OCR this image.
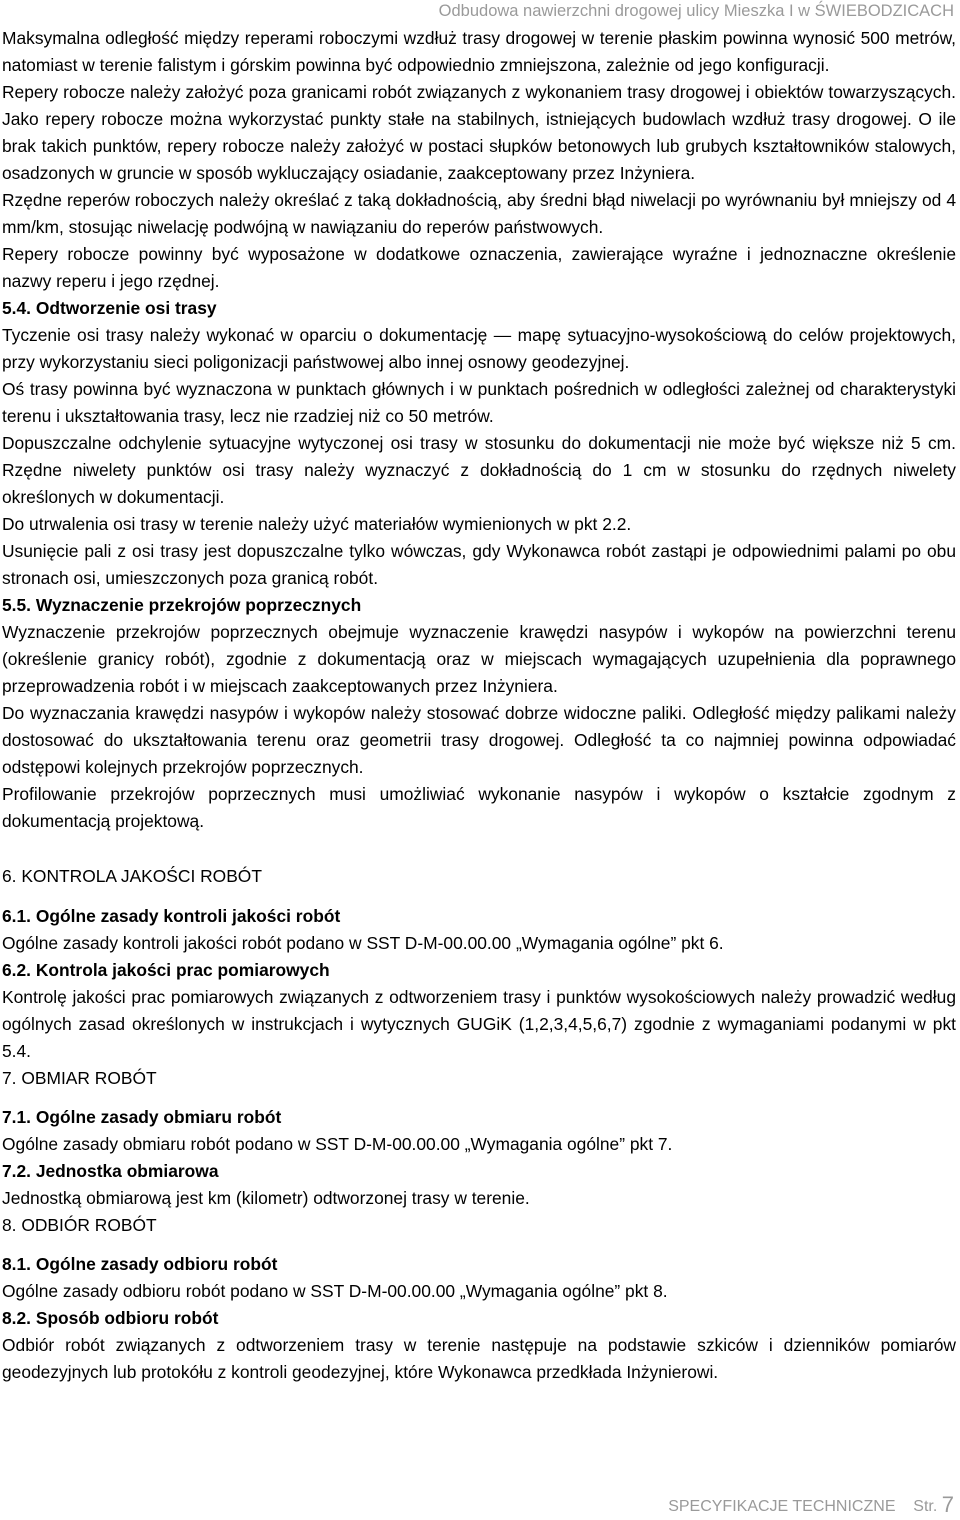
Odbudowa nawierzchni drogowej ulicy Mieszka I w ŚWIEBODZICACH

Maksymalna odległość między reperami roboczymi wzdłuż trasy drogowej w terenie płaskim powinna wynosić 500 metrów, natomiast w terenie falistym i górskim powinna być odpowiednio zmniejszona, zależnie od jego konfiguracji.

Repery robocze należy założyć poza granicami robót związanych z wykonaniem trasy drogowej i obiektów towarzyszących. Jako repery robocze można wykorzystać punkty stałe na stabilnych, istniejących budowlach wzdłuż trasy drogowej. O ile brak takich punktów, repery robocze należy założyć w postaci słupków betonowych lub grubych kształtowników stalowych, osadzonych w gruncie w sposób wykluczający osiadanie, zaakceptowany przez Inżyniera.

Rzędne reperów roboczych należy określać z taką dokładnością, aby średni błąd niwelacji po wyrównaniu był mniejszy od 4 mm/km, stosując niwelację podwójną w nawiązaniu do reperów państwowych.

Repery robocze powinny być wyposażone w dodatkowe oznaczenia, zawierające wyraźne i jednoznaczne określenie nazwy reperu i jego rzędnej.

5.4. Odtworzenie osi trasy

Tyczenie osi trasy należy wykonać w oparciu o dokumentację — mapę sytuacyjno-wysokościową do celów projektowych, przy wykorzystaniu sieci poligonizacji państwowej albo innej osnowy geodezyjnej.

Oś trasy powinna być wyznaczona w punktach głównych i w punktach pośrednich w odległości zależnej od charakterystyki terenu i ukształtowania trasy, lecz nie rzadziej niż co 50 metrów.

Dopuszczalne odchylenie sytuacyjne wytyczonej osi trasy w stosunku do dokumentacji nie może być większe niż 5 cm. Rzędne niwelety punktów osi trasy należy wyznaczyć z dokładnością do 1 cm w stosunku do rzędnych niwelety określonych w dokumentacji.

Do utrwalenia osi trasy w terenie należy użyć materiałów wymienionych w pkt 2.2.

Usunięcie pali z osi trasy jest dopuszczalne tylko wówczas, gdy Wykonawca robót zastąpi je odpowiednimi palami po obu stronach osi, umieszczonych poza granicą robót.

5.5. Wyznaczenie przekrojów poprzecznych

Wyznaczenie przekrojów poprzecznych obejmuje wyznaczenie krawędzi nasypów i wykopów na powierzchni terenu (określenie granicy robót), zgodnie z dokumentacją oraz w miejscach wymagających uzupełnienia dla poprawnego przeprowadzenia robót i w miejscach zaakceptowanych przez Inżyniera.

Do wyznaczania krawędzi nasypów i wykopów należy stosować dobrze widoczne paliki. Odległość między palikami należy dostosować do ukształtowania terenu oraz geometrii trasy drogowej. Odległość ta co najmniej powinna odpowiadać odstępowi kolejnych przekrojów poprzecznych.

Profilowanie przekrojów poprzecznych musi umożliwiać wykonanie nasypów i wykopów o kształcie zgodnym z dokumentacją projektową.

6. KONTROLA JAKOŚCI ROBÓT

6.1. Ogólne zasady kontroli jakości robót

Ogólne zasady kontroli jakości robót podano w SST D-M-00.00.00 „Wymagania ogólne” pkt 6.

6.2. Kontrola jakości prac pomiarowych

Kontrolę jakości prac pomiarowych związanych z odtworzeniem trasy i punktów wysokościowych należy prowadzić według ogólnych zasad określonych w instrukcjach i wytycznych GUGiK (1,2,3,4,5,6,7) zgodnie z wymaganiami podanymi w pkt 5.4.

7. OBMIAR ROBÓT

7.1. Ogólne zasady obmiaru robót

Ogólne zasady obmiaru robót podano w SST D-M-00.00.00 „Wymagania ogólne” pkt 7.

7.2. Jednostka obmiarowa

Jednostką obmiarową jest km (kilometr) odtworzonej trasy w terenie.

8. ODBIÓR ROBÓT

8.1. Ogólne zasady odbioru robót

Ogólne zasady odbioru robót podano w SST D-M-00.00.00 „Wymagania ogólne” pkt 8.

8.2. Sposób odbioru robót

Odbiór robót związanych z odtworzeniem trasy w terenie następuje na podstawie szkiców i dzienników pomiarów geodezyjnych lub protokółu z kontroli geodezyjnej, które Wykonawca przedkłada Inżynierowi.

SPECYFIKACJE TECHNICZNE Str. 7
